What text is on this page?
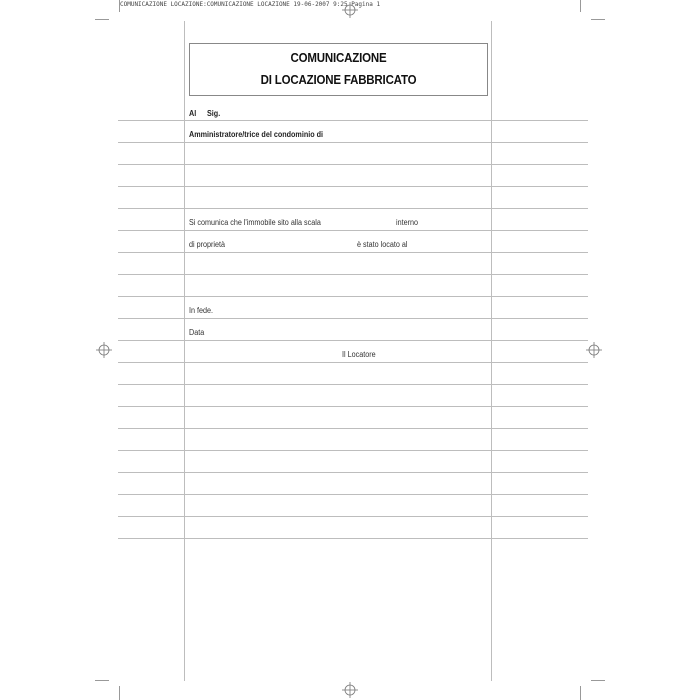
COMUNICAZIONE LOCAZIONE:COMUNICAZIONE LOCAZIONE 19-06-2007 9:25 Pagina 1
COMUNICAZIONE
DI LOCAZIONE FABBRICATO
Al Sig.
Amministratore/trice del condominio di
Si comunica che l'immobile sito alla scala	interno
di proprietà	è stato locato al
In fede.
Data
Il Locatore
